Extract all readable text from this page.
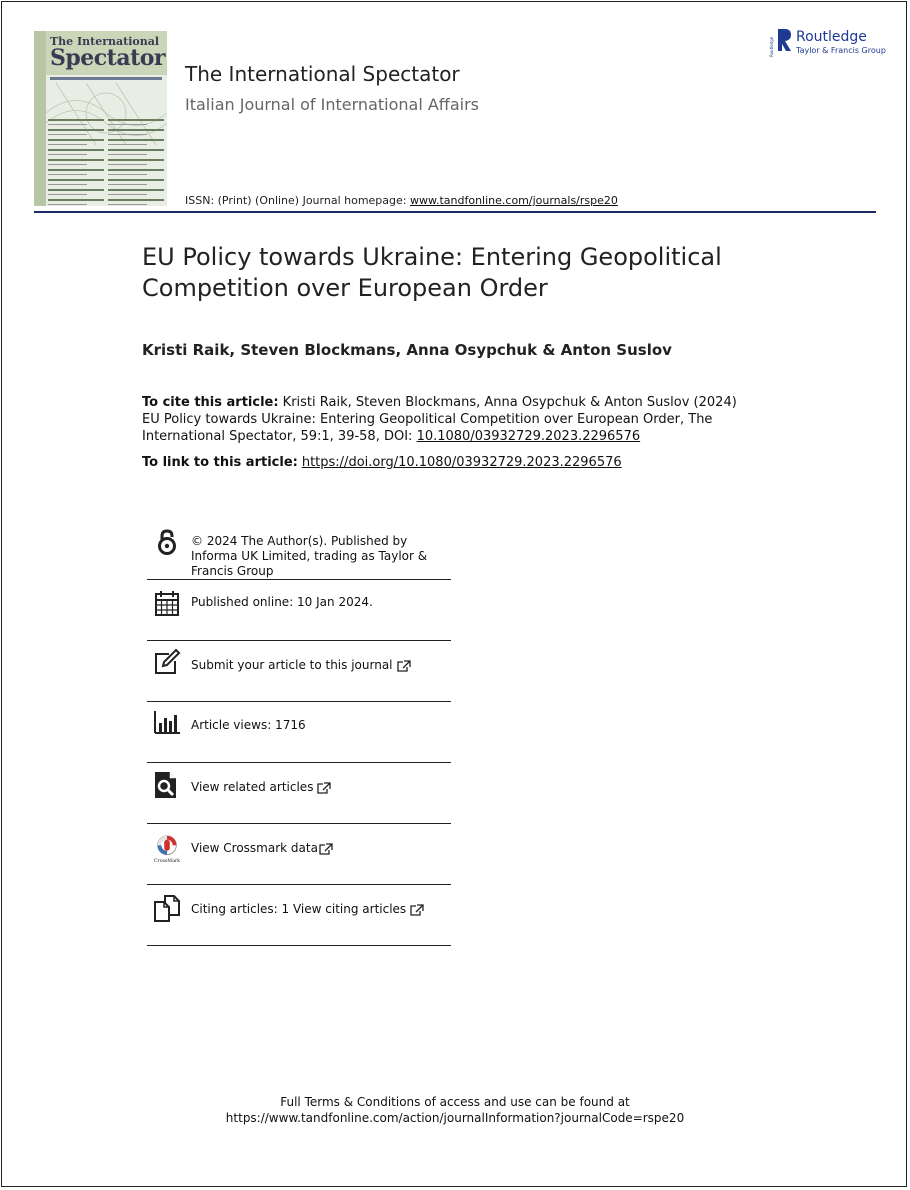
The International
Spectator
The International Spectator
Italian Journal of International Affairs
ISSN: (Print) (Online) Journal homepage: www.tandfonline.com/journals/rspe20
Routledge Routledge
Taylor & Francis Group
EU Policy towards Ukraine: Entering Geopolitical Competition over European Order
Kristi Raik, Steven Blockmans, Anna Osypchuk & Anton Suslov
To cite this article: Kristi Raik, Steven Blockmans, Anna Osypchuk & Anton Suslov (2024) EU Policy towards Ukraine: Entering Geopolitical Competition over European Order, The International Spectator, 59:1, 39-58, DOI: 10.1080/03932729.2023.2296576
To link to this article: https://doi.org/10.1080/03932729.2023.2296576
© 2024 The Author(s). Published by Informa UK Limited, trading as Taylor & Francis Group
Published online: 10 Jan 2024.
Submit your article to this journal
Article views: 1716
View related articles
CrossMark
View Crossmark data
Citing articles: 1 View citing articles
Full Terms & Conditions of access and use can be found at
https://www.tandfonline.com/action/journalInformation?journalCode=rspe20
